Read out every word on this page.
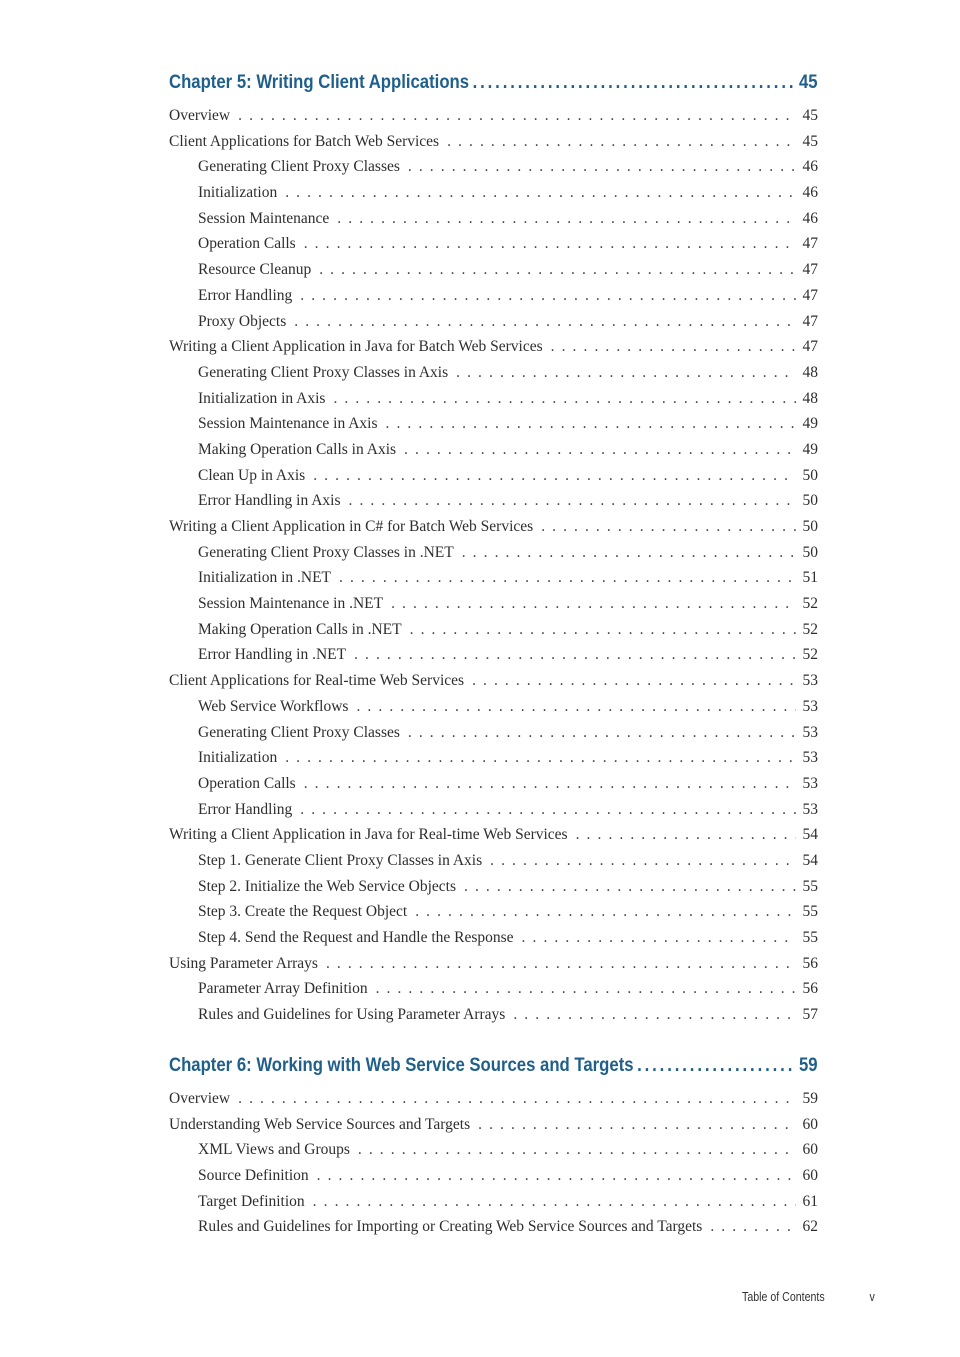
Chapter 5: Writing Client Applications . . .	45
Overview . . .	45
Client Applications for Batch Web Services . . .	45
Generating Client Proxy Classes . . .	46
Initialization . . .	46
Session Maintenance . . .	46
Operation Calls . . .	47
Resource Cleanup . . .	47
Error Handling . . .	47
Proxy Objects . . .	47
Writing a Client Application in Java for Batch Web Services . . .	47
Generating Client Proxy Classes in Axis . . .	48
Initialization in Axis . . .	48
Session Maintenance in Axis . . .	49
Making Operation Calls in Axis . . .	49
Clean Up in Axis . . .	50
Error Handling in Axis . . .	50
Writing a Client Application in C# for Batch Web Services . . .	50
Generating Client Proxy Classes in .NET . . .	50
Initialization in .NET . . .	51
Session Maintenance in .NET . . .	52
Making Operation Calls in .NET . . .	52
Error Handling in .NET . . .	52
Client Applications for Real-time Web Services . . .	53
Web Service Workflows . . .	53
Generating Client Proxy Classes . . .	53
Initialization . . .	53
Operation Calls . . .	53
Error Handling . . .	53
Writing a Client Application in Java for Real-time Web Services . . .	54
Step 1. Generate Client Proxy Classes in Axis . . .	54
Step 2. Initialize the Web Service Objects . . .	55
Step 3. Create the Request Object . . .	55
Step 4. Send the Request and Handle the Response . . .	55
Using Parameter Arrays . . .	56
Parameter Array Definition . . .	56
Rules and Guidelines for Using Parameter Arrays . . .	57
Chapter 6: Working with Web Service Sources and Targets . . .	59
Overview . . .	59
Understanding Web Service Sources and Targets . . .	60
XML Views and Groups . . .	60
Source Definition . . .	60
Target Definition . . .	61
Rules and Guidelines for Importing or Creating Web Service Sources and Targets . . .	62
Table of Contents	v
